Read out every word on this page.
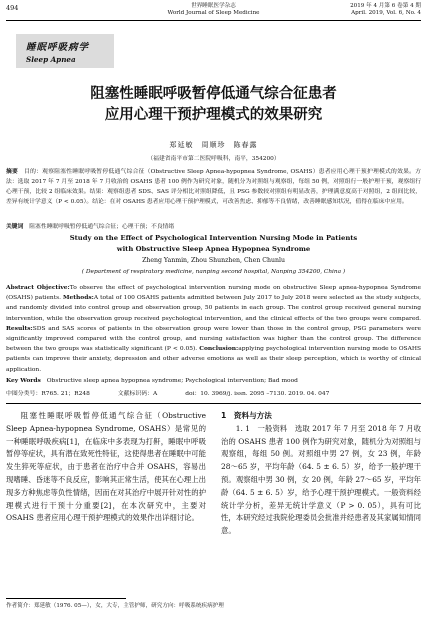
494	世界睡眠医学杂志
World Journal of Sleep Medicine
2019 年 4 月第 6 卷第 4 期
April. 2019, Vol. 6, No. 4
睡眠呼吸病学
Sleep Apnea
阻塞性睡眠呼吸暂停低通气综合征患者
应用心理干预护理模式的效果研究
郑延敏　周顺珍　陈春露
（福建省南平市第二医院呼吸科，南平，354200）
摘要　 目的：观察阻塞性睡眠呼吸暂停低通气综合征（Obstructive Sleep Apnea-hypopnea Syndrome, OSAHS）患者应用心理干预护理模式的效果。方法：选取 2017 年 7 月至 2018 年 7 月收治的 OSAHS 患者 100 例作为研究对象，随机分为对照组与观察组，每组 50 例，对照组行一般护理干预，观察组行心理干预，比较 2 组临床效果。结果：观察组患者 SDS、SAS 评分相比对照组降低，且 PSG 参数较对照组有明显改善，护理满意度高于对照组，2 组间比较，差异有统计学意义（P < 0.05）。结论：在对 OSAHS 患者应用心理干预护理模式，可改善焦虑、抑郁等不良情绪，改善睡眠感知状况，值得在临床中应用。
关键词　 阻塞性睡眠呼吸暂停低通气综合征；心理干预；不良情绪
Study on the Effect of Psychological Intervention Nursing Mode in Patients
with Obstructive Sleep Apnea Hypopnea Syndrome
Zheng Yanmin, Zhou Shunzhen, Chen Chunlu
( Department of respiratory medicine, nanping second hospital, Nanping 354200, China )
Abstract Objective:To observe the effect of psychological intervention nursing mode on obstructive Sleep apnea-hypopnea Syndrome (OSAHS) patients. Methods:A total of 100 OSAHS patients admitted between July 2017 to July 2018 were selected as the study subjects, and randomly divided into control group and observation group, 50 patients in each group. The control group received general nursing intervention, while the observation group received psychological intervention, and the clinical effects of the two groups were compared. Results:SDS and SAS scores of patients in the observation group were lower than those in the control group, PSG parameters were significantly improved compared with the control group, and nursing satisfaction was higher than the control group. The difference between the two groups was statistically significant (P < 0.05). Conclusion:applying psychological intervention nursing mode to OSAHS patients can improve their anxiety, depression and other adverse emotions as well as their sleep perception, which is worthy of clinical application.
Key Words　 Obstructive sleep apnea hypopnea syndrome; Psychological intervention; Bad mood
中图分类号：R765. 21；R248	文献标识码：A	doi：10. 3969/j. issn. 2095 –7130. 2019. 04. 047

阻塞性睡眠呼吸暂停低通气综合征（Obstructive Sleep Apnea-hypopnea Syndrome, OSAHS）是常见的一种睡眠呼吸疾病[1]，在临床中多表现为打鼾，睡眠中呼吸暂停等症状，具有潜在致死性特征，这使得患者在睡眠中可能发生猝死等症状，由于患者在治疗中合并 OSAHS，容易出现嗜睡、昏迷等不良反应，影响其正常生活，使其在心理上出现多方种焦虑等负性情绪，因而在对其治疗中展开针对性的护理模式进行干预十分重要[2]，在本次研究中，主要对 OSAHS 患者应用心理干预护理模式的效果作出详细讨论。

1　资料与方法

1. 1　一般资料　 选取 2017 年 7 月至 2018 年 7 月收治的 OSAHS 患者 100 例作为研究对象，随机分为对照组与观察组，每组 50 例。对照组中男 27 例，女 23 例，年龄 28～65 岁，平均年龄（64. 5 ± 6. 5）岁，给予一般护理干预。观察组中男 30 例，女 20 例，年龄 27～65 岁，平均年龄（64. 5 ± 6. 5）岁，给予心理干预护理模式。一般资料经统计学分析，差异无统计学意义（P > 0. 05），具有可比性，本研究经过我院伦理委员会批准并经患者及其家属知情同意。

作者简介：郑延敏（1976. 05—），女，大专，主管护师，研究方向：呼吸系统疾病护理
